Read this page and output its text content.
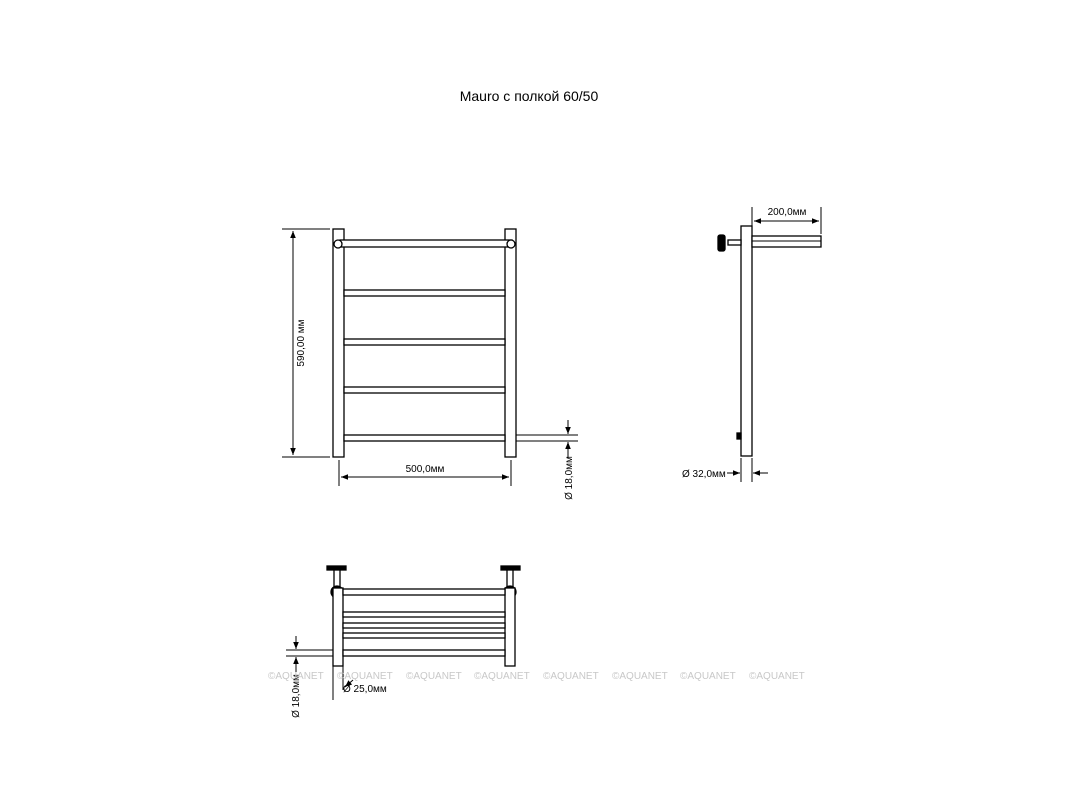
Mauro с полкой 60/50
590,00 мм
500,0мм	Ø 18,0мм
200,0мм
Ø 32,0мм
Ø 18,0мм	Ø 25,0мм
©AQUANET ©AQUANET ©AQUANET ©AQUANET ©AQUANET ©AQUANET ©AQUANET ©AQUANET
